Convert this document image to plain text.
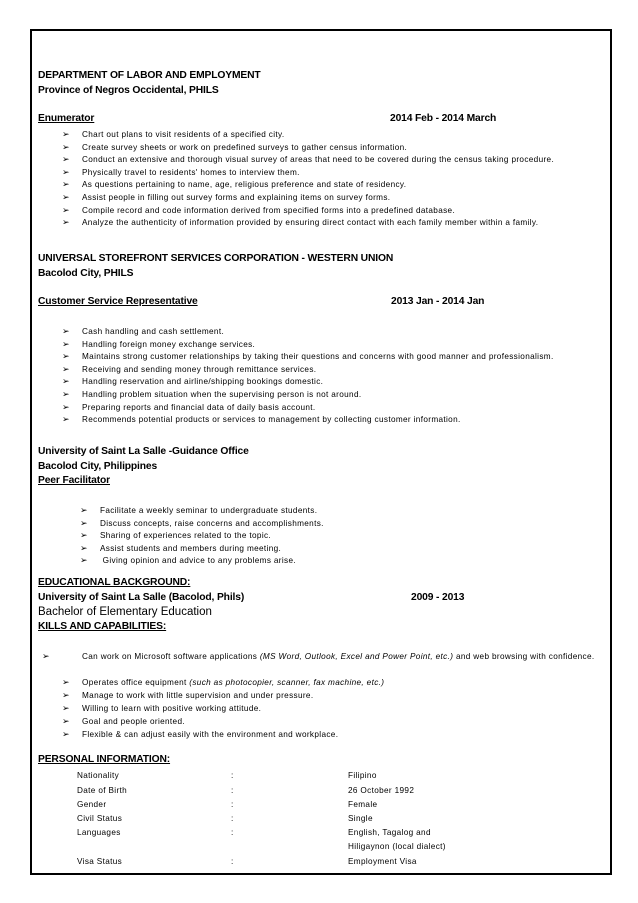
DEPARTMENT OF LABOR AND EMPLOYMENT
Province of Negros Occidental, PHILS
Enumerator	2014 Feb - 2014 March
➢ Chart out plans to visit residents of a specified city.
➢ Create survey sheets or work on predefined surveys to gather census information.
➢ Conduct an extensive and thorough visual survey of areas that need to be covered during the census taking procedure.
➢ Physically travel to residents' homes to interview them.
➢ As questions pertaining to name, age, religious preference and state of residency.
➢ Assist people in filling out survey forms and explaining items on survey forms.
➢ Compile record and code information derived from specified forms into a predefined database.
➢ Analyze the authenticity of information provided by ensuring direct contact with each family member within a family.
UNIVERSAL STOREFRONT SERVICES CORPORATION - WESTERN UNION
Bacolod City, PHILS
Customer Service Representative	2013 Jan - 2014 Jan
➢ Cash handling and cash settlement.
➢ Handling foreign money exchange services.
➢ Maintains strong customer relationships by taking their questions and concerns with good manner and professionalism.
➢ Receiving and sending money through remittance services.
➢ Handling reservation and airline/shipping bookings domestic.
➢ Handling problem situation when the supervising person is not around.
➢ Preparing reports and financial data of daily basis account.
➢ Recommends potential products or services to management by collecting customer information.
University of Saint La Salle -Guidance Office
Bacolod City, Philippines
Peer Facilitator
➢ Facilitate a weekly seminar to undergraduate students.
➢ Discuss concepts, raise concerns and accomplishments.
➢ Sharing of experiences related to the topic.
➢ Assist students and members during meeting.
➢ Giving opinion and advice to any problems arise.
EDUCATIONAL BACKGROUND:
University of Saint La Salle (Bacolod, Phils)	2009 - 2013
Bachelor of Elementary Education
KILLS AND CAPABILITIES:
➢	Can work on Microsoft software applications (MS Word, Outlook, Excel and Power Point, etc.) and web browsing with confidence.
➢ Operates office equipment (such as photocopier, scanner, fax machine, etc.)
➢ Manage to work with little supervision and under pressure.
➢ Willing to learn with positive working attitude.
➢ Goal and people oriented.
➢ Flexible & can adjust easily with the environment and workplace.
PERSONAL INFORMATION:
Nationality	:	Filipino
Date of Birth	:	26 October 1992
Gender	:	Female
Civil Status	:	Single
Languages	:	English, Tagalog and
Hiligaynon (local dialect)
Visa Status	:	Employment Visa
